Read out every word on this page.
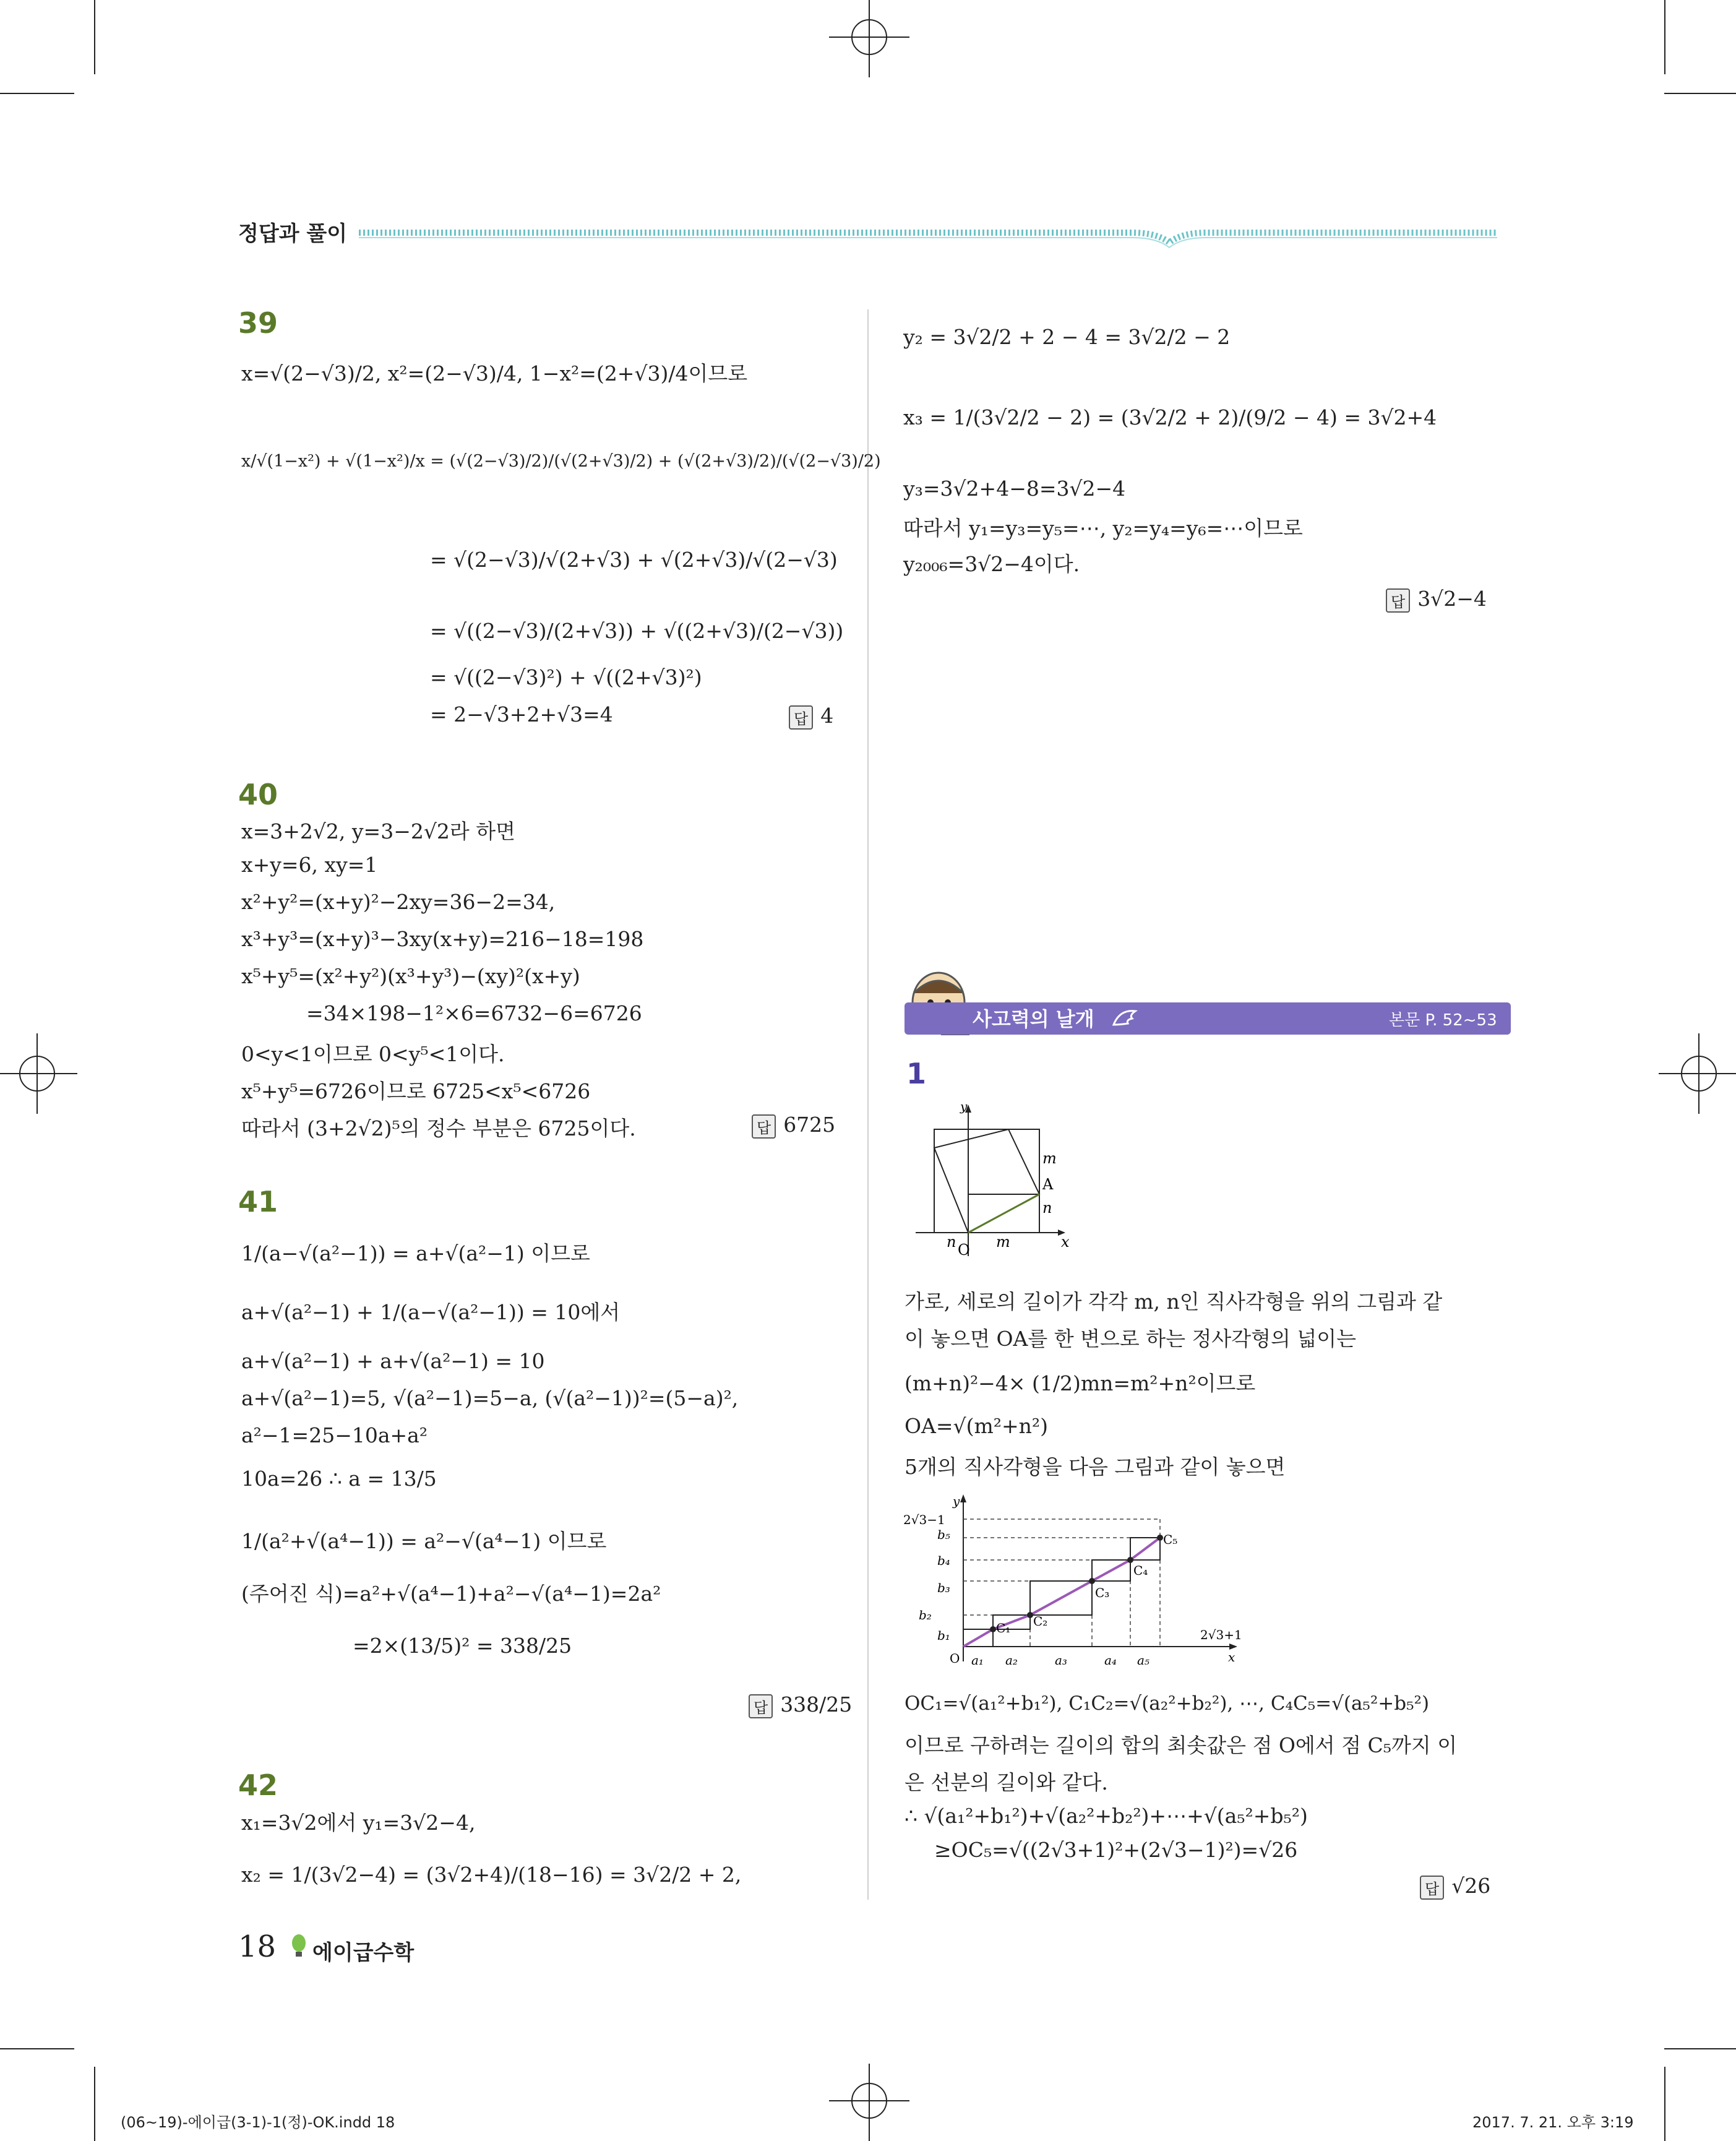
정답과 풀이
39
x=√(2−√3)/2, x²=(2−√3)/4, 1−x²=(2+√3)/4이므로
x/√(1−x²) + √(1−x²)/x = (√(2−√3)/2)/(√(2+√3)/2) + (√(2+√3)/2)/(√(2−√3)/2)
= √(2−√3)/√(2+√3) + √(2+√3)/√(2−√3)
= √((2−√3)/(2+√3)) + √((2+√3)/(2−√3))
= √((2−√3)²) + √((2+√3)²)
= 2−√3+2+√3=4	답 4
40
x=3+2√2, y=3−2√2라 하면
x+y=6, xy=1
x²+y²=(x+y)²−2xy=36−2=34,
x³+y³=(x+y)³−3xy(x+y)=216−18=198
x⁵+y⁵=(x²+y²)(x³+y³)−(xy)²(x+y)
=34×198−1²×6=6732−6=6726
0<y<1이므로 0<y⁵<1이다.
x⁵+y⁵=6726이므로 6725<x⁵<6726
따라서 (3+2√2)⁵의 정수 부분은 6725이다.	답 6725
41
1/(a−√(a²−1)) = a+√(a²−1) 이므로
a+√(a²−1) + 1/(a−√(a²−1)) = 10에서
a+√(a²−1) + a+√(a²−1) = 10
a+√(a²−1)=5, √(a²−1)=5−a, (√(a²−1))²=(5−a)²,
a²−1=25−10a+a²
10a=26 ∴ a = 13/5
1/(a²+√(a⁴−1)) = a²−√(a⁴−1) 이므로
(주어진 식)=a²+√(a⁴−1)+a²−√(a⁴−1)=2a²
=2×(13/5)² = 338/25
답 338/25
42
x₁=3√2에서 y₁=3√2−4,
x₂ = 1/(3√2−4) = (3√2+4)/(18−16) = 3√2/2 + 2,
y₂ = 3√2/2 + 2 − 4 = 3√2/2 − 2
x₃ = 1/(3√2/2 − 2) = (3√2/2 + 2)/(9/2 − 4) = 3√2+4
y₃=3√2+4−8=3√2−4
따라서 y₁=y₃=y₅=⋯, y₂=y₄=y₆=⋯이므로
y₂₀₀₆=3√2−4이다.
답 3√2−4
사고력의 날개	본문 P. 52~53
1
y
x
O m
m
A
n
n
가로, 세로의 길이가 각각 m, n인 직사각형을 위의 그림과 같
이 놓으면 OA를 한 변으로 하는 정사각형의 넓이는
(m+n)²−4× (1/2)mn=m²+n²이므로
OA=√(m²+n²)
5개의 직사각형을 다음 그림과 같이 놓으면
2√3−1
2√3+1
O	x
y
b₅
b₄
b₃
b₂
b₁
a₁ a₂	a₃	a₄ a₅
C₁ C₂
C₃
C₄
C₅
OC₁=√(a₁²+b₁²), C₁C₂=√(a₂²+b₂²), ⋯, C₄C₅=√(a₅²+b₅²)
이므로 구하려는 길이의 합의 최솟값은 점 O에서 점 C₅까지 이
은 선분의 길이와 같다.
∴ √(a₁²+b₁²)+√(a₂²+b₂²)+⋯+√(a₅²+b₅²)
≥OC₅=√((2√3+1)²+(2√3−1)²)=√26
답 √26
18 에이급수학
(06~19)-에이급(3-1)-1(정)-OK.indd 18	2017. 7. 21. 오후 3:19
